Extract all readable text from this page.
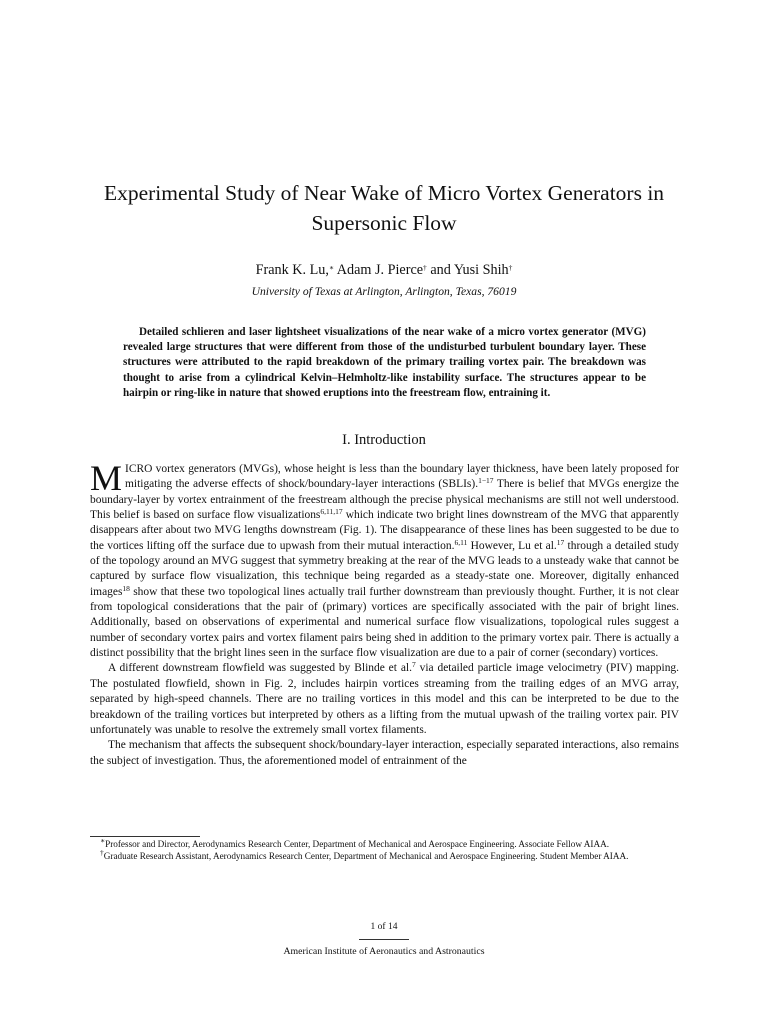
Experimental Study of Near Wake of Micro Vortex Generators in Supersonic Flow
Frank K. Lu,∗ Adam J. Pierce† and Yusi Shih†
University of Texas at Arlington, Arlington, Texas, 76019
Detailed schlieren and laser lightsheet visualizations of the near wake of a micro vortex generator (MVG) revealed large structures that were different from those of the undisturbed turbulent boundary layer. These structures were attributed to the rapid breakdown of the primary trailing vortex pair. The breakdown was thought to arise from a cylindrical Kelvin–Helmholtz-like instability surface. The structures appear to be hairpin or ring-like in nature that showed eruptions into the freestream flow, entraining it.
I. Introduction

MICRO vortex generators (MVGs), whose height is less than the boundary layer thickness, have been lately proposed for mitigating the adverse effects of shock/boundary-layer interactions (SBLIs).$^{1-17}$ There is belief that MVGs energize the boundary-layer by vortex entrainment of the freestream although the precise physical mechanisms are still not well understood. This belief is based on surface flow visualizations$^{6,11,17}$ which indicate two bright lines downstream of the MVG that apparently disappears after about two MVG lengths downstream (Fig. 1). The disappearance of these lines has been suggested to be due to the vortices lifting off the surface due to upwash from their mutual interaction.$^{6,11}$ However, Lu et al.$^{17}$ through a detailed study of the topology around an MVG suggest that symmetry breaking at the rear of the MVG leads to a unsteady wake that cannot be captured by surface flow visualization, this technique being regarded as a steady-state one. Moreover, digitally enhanced images$^{18}$ show that these two topological lines actually trail further downstream than previously thought. Further, it is not clear from topological considerations that the pair of (primary) vortices are specifically associated with the pair of bright lines. Additionally, based on observations of experimental and numerical surface flow visualizations, topological rules suggest a number of secondary vortex pairs and vortex filament pairs being shed in addition to the primary vortex pair. There is actually a distinct possibility that the bright lines seen in the surface flow visualization are due to a pair of corner (secondary) vortices.

A different downstream flowfield was suggested by Blinde et al.$^7$ via detailed particle image velocimetry (PIV) mapping. The postulated flowfield, shown in Fig. 2, includes hairpin vortices streaming from the trailing edges of an MVG array, separated by high-speed channels. There are no trailing vortices in this model and this can be interpreted to be due to the breakdown of the trailing vortices but interpreted by others as a lifting from the mutual upwash of the trailing vortex pair. PIV unfortunately was unable to resolve the extremely small vortex filaments.

The mechanism that affects the subsequent shock/boundary-layer interaction, especially separated interactions, also remains the subject of investigation. Thus, the aforementioned model of entrainment of the

∗Professor and Director, Aerodynamics Research Center, Department of Mechanical and Aerospace Engineering. Associate Fellow AIAA.

†Graduate Research Assistant, Aerodynamics Research Center, Department of Mechanical and Aerospace Engineering. Student Member AIAA.

1 of 14
American Institute of Aeronautics and Astronautics
